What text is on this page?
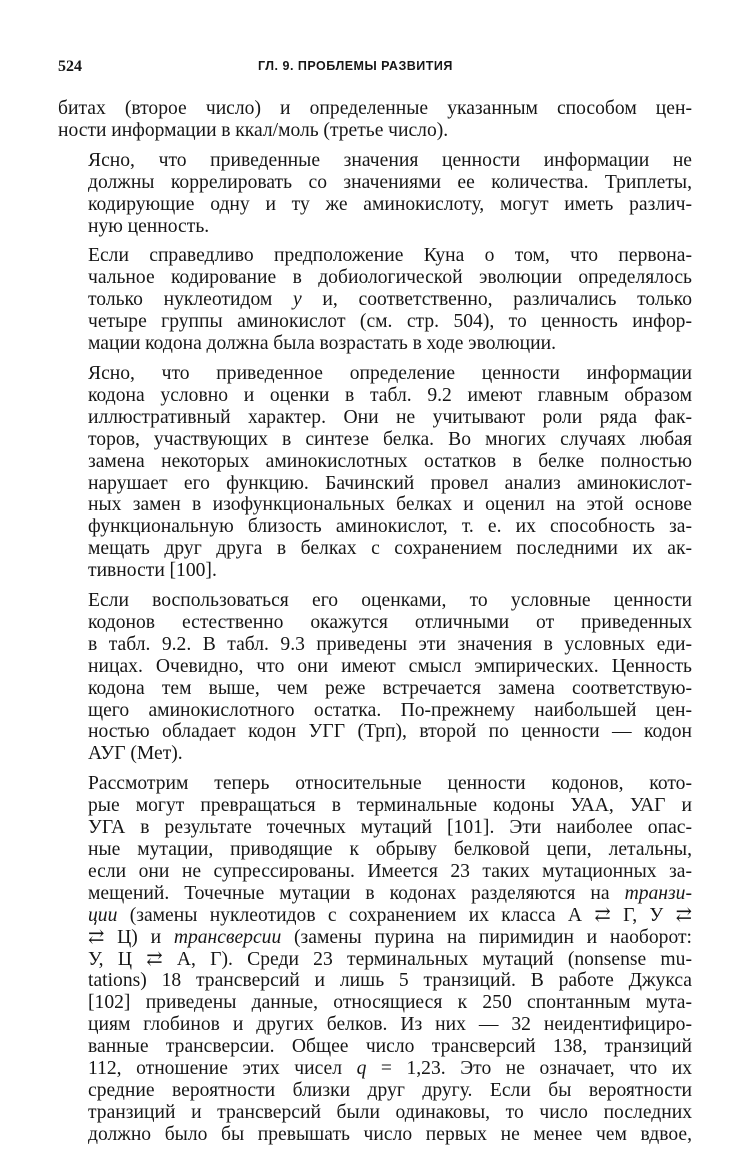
524	ГЛ. 9. ПРОБЛЕМЫ РАЗВИТИЯ

битах (второе число) и определенные указанным способом цен-
ности информации в ккал/моль (третье число).

Ясно, что приведенные значения ценности информации не
должны коррелировать со значениями ее количества. Триплеты,
кодирующие одну и ту же аминокислоту, могут иметь различ-
ную ценность.

Если справедливо предположение Куна о том, что первона-
чальное кодирование в добиологической эволюции определялось
только нуклеотидом у и, соответственно, различались только
четыре группы аминокислот (см. стр. 504), то ценность инфор-
мации кодона должна была возрастать в ходе эволюции.

Ясно, что приведенное определение ценности информации
кодона условно и оценки в табл. 9.2 имеют главным образом
иллюстративный характер. Они не учитывают роли ряда фак-
торов, участвующих в синтезе белка. Во многих случаях любая
замена некоторых аминокислотных остатков в белке полностью
нарушает его функцию. Бачинский провел анализ аминокислот-
ных замен в изофункциональных белках и оценил на этой основе
функциональную близость аминокислот, т. е. их способность за-
мещать друг друга в белках с сохранением последними их ак-
тивности [100].

Если воспользоваться его оценками, то условные ценности
кодонов естественно окажутся отличными от приведенных
в табл. 9.2. В табл. 9.3 приведены эти значения в условных еди-
ницах. Очевидно, что они имеют смысл эмпирических. Ценность
кодона тем выше, чем реже встречается замена соответствую-
щего аминокислотного остатка. По-прежнему наибольшей цен-
ностью обладает кодон УГГ (Трп), второй по ценности — кодон
АУГ (Мет).

Рассмотрим теперь относительные ценности кодонов, кото-
рые могут превращаться в терминальные кодоны УАА, УАГ и
УГА в результате точечных мутаций [101]. Эти наиболее опас-
ные мутации, приводящие к обрыву белковой цепи, летальны,
если они не супрессированы. Имеется 23 таких мутационных за-
мещений. Точечные мутации в кодонах разделяются на транзи-
ции (замены нуклеотидов с сохранением их класса А ⇄ Г, У ⇄
⇄ Ц) и трансверсии (замены пурина на пиримидин и наоборот:
У, Ц ⇄ А, Г). Среди 23 терминальных мутаций (nonsense mu-
tations) 18 трансверсий и лишь 5 транзиций. В работе Джукса
[102] приведены данные, относящиеся к 250 спонтанным мута-
циям глобинов и других белков. Из них — 32 неидентифициро-
ванные трансверсии. Общее число трансверсий 138, транзиций
112, отношение этих чисел q = 1,23. Это не означает, что их
средние вероятности близки друг другу. Если бы вероятности
транзиций и трансверсий были одинаковы, то число последних
должно было бы превышать число первых не менее чем вдвое,
